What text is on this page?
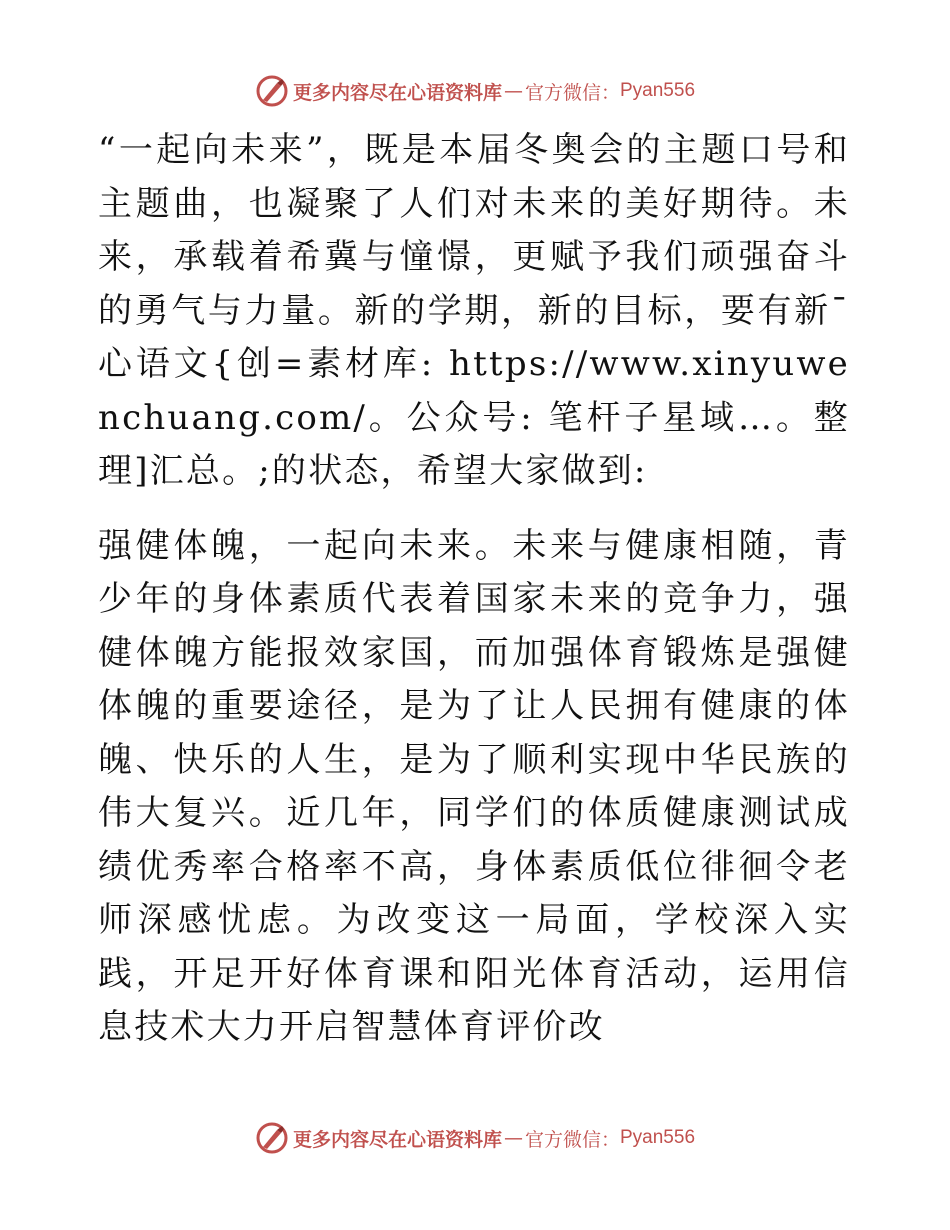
更多内容尽在心语资料库 — 官方微信： Pyan556

“一起向未来”，既是本届冬奥会的主题口号和主题曲，也凝聚了人们对未来的美好期待。未来，承载着希冀与憧憬，更赋予我们顽强奋斗的勇气与力量。新的学期，新的目标，要有新¯心语文{创=素材库: https://www.xinyuwenchuang.com/。公众号: 笔杆子星域…。整理]汇总。;的状态，希望大家做到:

强健体魄，一起向未来。未来与健康相随，青少年的身体素质代表着国家未来的竞争力，强健体魄方能报效家国，而加强体育锻炼是强健体魄的重要途径，是为了让人民拥有健康的体魄、快乐的人生，是为了顺利实现中华民族的伟大复兴。近几年，同学们的体质健康测试成绩优秀率合格率不高，身体素质低位徘徊令老师深感忧虑。为改变这一局面，学校深入实践，开足开好体育课和阳光体育活动，运用信息技术大力开启智慧体育评价改

更多内容尽在心语资料库 — 官方微信： Pyan556
